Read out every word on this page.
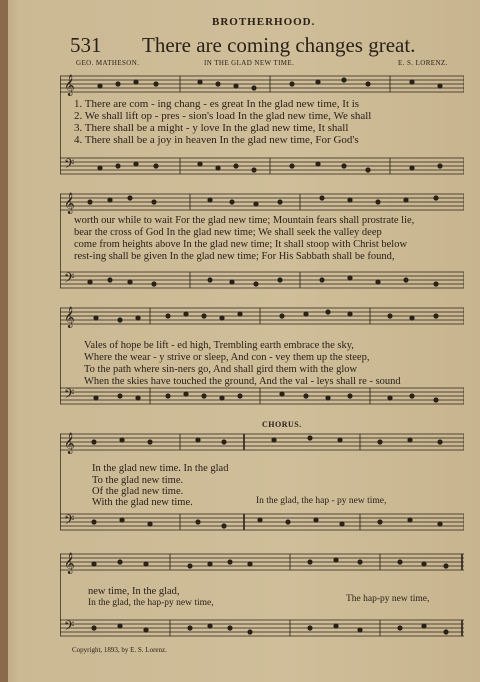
BROTHERHOOD.
531 There are coming changes great.
GEO. MATHESON.	IN THE GLAD NEW TIME.	E. S. LORENZ.
𝄞
𝄢
1. There are com - ing chang - es great In the glad new time, It is
2. We shall lift op - pres - sion's load In the glad new time, We shall
3. There shall be a might - y love In the glad new time, It shall
4. There shall be a joy in heaven In the glad new time, For God's
𝄞
𝄢
worth our while to wait For the glad new time; Mountain fears shall prostrate lie,
bear the cross of God In the glad new time; We shall seek the valley deep
come from heights above In the glad new time; It shall stoop with Christ below
rest-ing shall be given In the glad new time; For His Sabbath shall be found,
𝄞
𝄢
Vales of hope be lift - ed high, Trembling earth embrace the sky,
Where the wear - y strive or sleep, And con - vey them up the steep,
To the path where sin-ners go, And shall gird them with the glow
When the skies have touched the ground, And the val - leys shall re - sound
CHORUS.
𝄞
𝄢
In the glad new time. In the glad
To the glad new time.
Of the glad new time.
With the glad new time.	In the glad, the hap - py new time,
𝄞
𝄢
new time, In the glad,
In the glad, the hap-py new time,	The hap-py new time,
Copyright, 1893, by E. S. Lorenz.
